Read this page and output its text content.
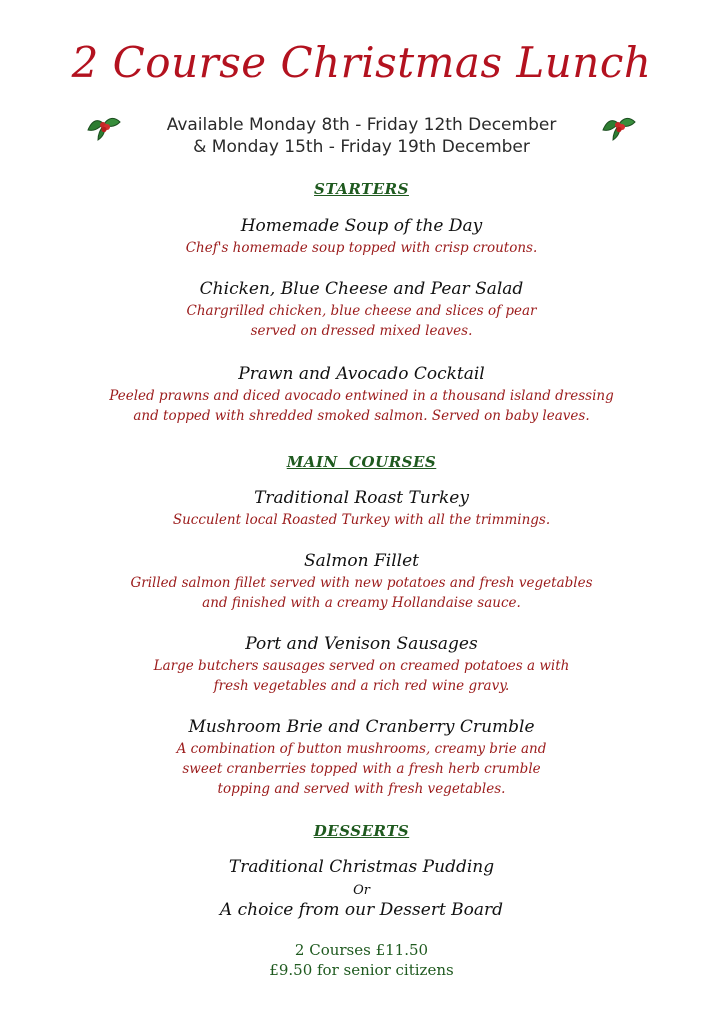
2 Course Christmas Lunch
Available Monday 8th - Friday 12th December
& Monday 15th - Friday 19th December
STARTERS
Homemade Soup of the Day
Chef's homemade soup topped with crisp croutons.
Chicken, Blue Cheese and Pear Salad
Chargrilled chicken, blue cheese and slices of pear
served on dressed mixed leaves.
Prawn and Avocado Cocktail
Peeled prawns and diced avocado entwined in a thousand island dressing
and topped with shredded smoked salmon. Served on baby leaves.
MAIN  COURSES
Traditional Roast Turkey
Succulent local Roasted Turkey with all the trimmings.
Salmon Fillet
Grilled salmon fillet served with new potatoes and fresh vegetables
and finished with a creamy Hollandaise sauce.
Port and Venison Sausages
Large butchers sausages served on creamed potatoes a with
fresh vegetables and a rich red wine gravy.
Mushroom Brie and Cranberry Crumble
A combination of button mushrooms, creamy brie and
sweet cranberries topped with a fresh herb crumble
topping and served with fresh vegetables.
DESSERTS
Traditional Christmas Pudding
Or
A choice from our Dessert Board
2 Courses £11.50
£9.50 for senior citizens
